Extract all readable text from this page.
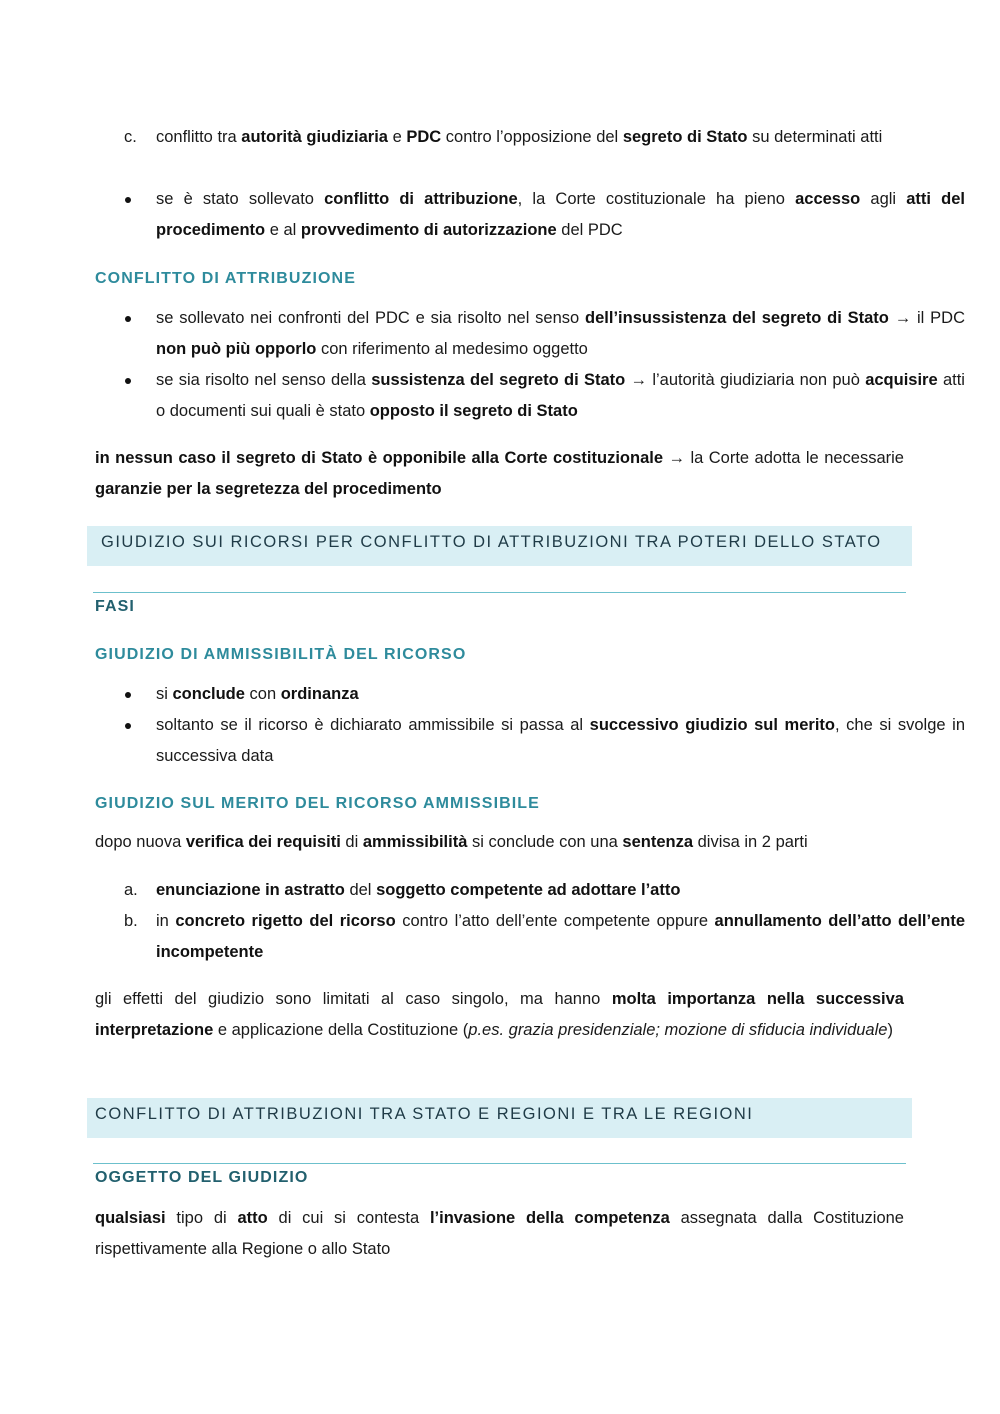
c. conflitto tra autorità giudiziaria e PDC contro l’opposizione del segreto di Stato su determinati atti
se è stato sollevato conflitto di attribuzione, la Corte costituzionale ha pieno accesso agli atti del procedimento e al provvedimento di autorizzazione del PDC
CONFLITTO DI ATTRIBUZIONE
se sollevato nei confronti del PDC e sia risolto nel senso dell’insussistenza del segreto di Stato → il PDC non può più opporlo con riferimento al medesimo oggetto
se sia risolto nel senso della sussistenza del segreto di Stato → l’autorità giudiziaria non può acquisire atti o documenti sui quali è stato opposto il segreto di Stato
in nessun caso il segreto di Stato è opponibile alla Corte costituzionale → la Corte adotta le necessarie garanzie per la segretezza del procedimento
GIUDIZIO SUI RICORSI PER CONFLITTO DI ATTRIBUZIONI TRA POTERI DELLO STATO
FASI
GIUDIZIO DI AMMISSIBILITÀ DEL RICORSO
si conclude con ordinanza
soltanto se il ricorso è dichiarato ammissibile si passa al successivo giudizio sul merito, che si svolge in successiva data
GIUDIZIO SUL MERITO DEL RICORSO AMMISSIBILE
dopo nuova verifica dei requisiti di ammissibilità si conclude con una sentenza divisa in 2 parti
a. enunciazione in astratto del soggetto competente ad adottare l’atto
b. in concreto rigetto del ricorso contro l’atto dell’ente competente oppure annullamento dell’atto dell’ente incompetente
gli effetti del giudizio sono limitati al caso singolo, ma hanno molta importanza nella successiva interpretazione e applicazione della Costituzione (p.es. grazia presidenziale; mozione di sfiducia individuale)
CONFLITTO DI ATTRIBUZIONI TRA STATO E REGIONI E TRA LE REGIONI
OGGETTO DEL GIUDIZIO
qualsiasi tipo di atto di cui si contesta l’invasione della competenza assegnata dalla Costituzione rispettivamente alla Regione o allo Stato
